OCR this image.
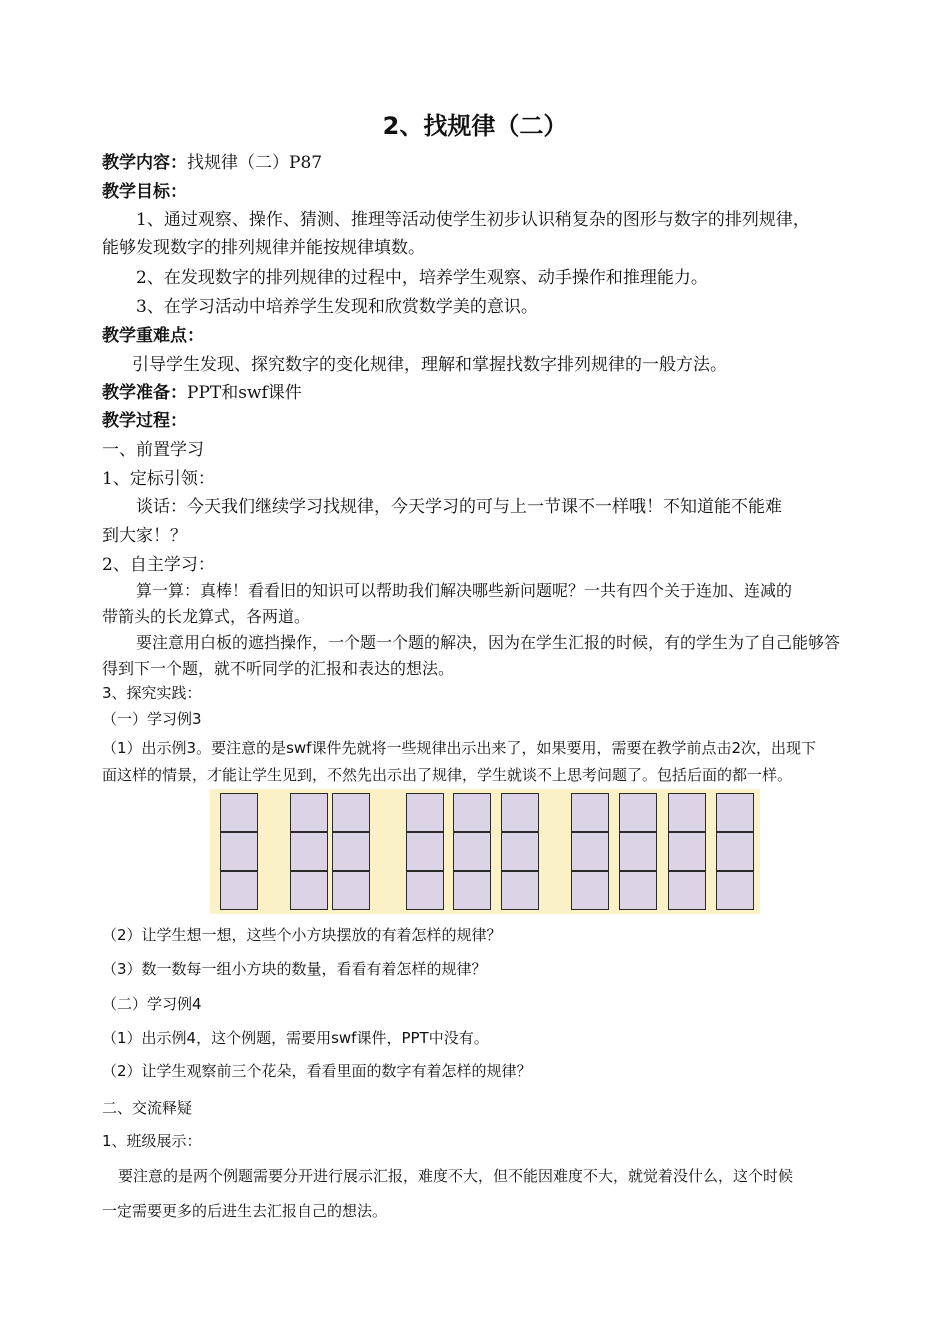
2、找规律（二）
教学内容：找规律（二）P87
教学目标：
1、通过观察、操作、猜测、推理等活动使学生初步认识稍复杂的图形与数字的排列规律，
能够发现数字的排列规律并能按规律填数。
2、在发现数字的排列规律的过程中，培养学生观察、动手操作和推理能力。
3、在学习活动中培养学生发现和欣赏数学美的意识。
教学重难点：
引导学生发现、探究数字的变化规律，理解和掌握找数字排列规律的一般方法。
教学准备：PPT和swf课件
教学过程：
一、前置学习
1、定标引领：
谈话：今天我们继续学习找规律，今天学习的可与上一节课不一样哦！不知道能不能难
到大家！？
2、自主学习：
算一算：真棒！看看旧的知识可以帮助我们解决哪些新问题呢？一共有四个关于连加、连减的
带箭头的长龙算式，各两道。
要注意用白板的遮挡操作，一个题一个题的解决，因为在学生汇报的时候，有的学生为了自己能够答
得到下一个题，就不听同学的汇报和表达的想法。
3、探究实践：
（一）学习例3
（1）出示例3。要注意的是swf课件先就将一些规律出示出来了，如果要用，需要在教学前点击2次，出现下
面这样的情景，才能让学生见到，不然先出示出了规律，学生就谈不上思考问题了。包括后面的都一样。
（2）让学生想一想，这些个小方块摆放的有着怎样的规律？
（3）数一数每一组小方块的数量，看看有着怎样的规律？
（二）学习例4
（1）出示例4，这个例题，需要用swf课件，PPT中没有。
（2）让学生观察前三个花朵，看看里面的数字有着怎样的规律？
二、交流释疑
1、班级展示：
要注意的是两个例题需要分开进行展示汇报，难度不大，但不能因难度不大，就觉着没什么，这个时候
一定需要更多的后进生去汇报自己的想法。
